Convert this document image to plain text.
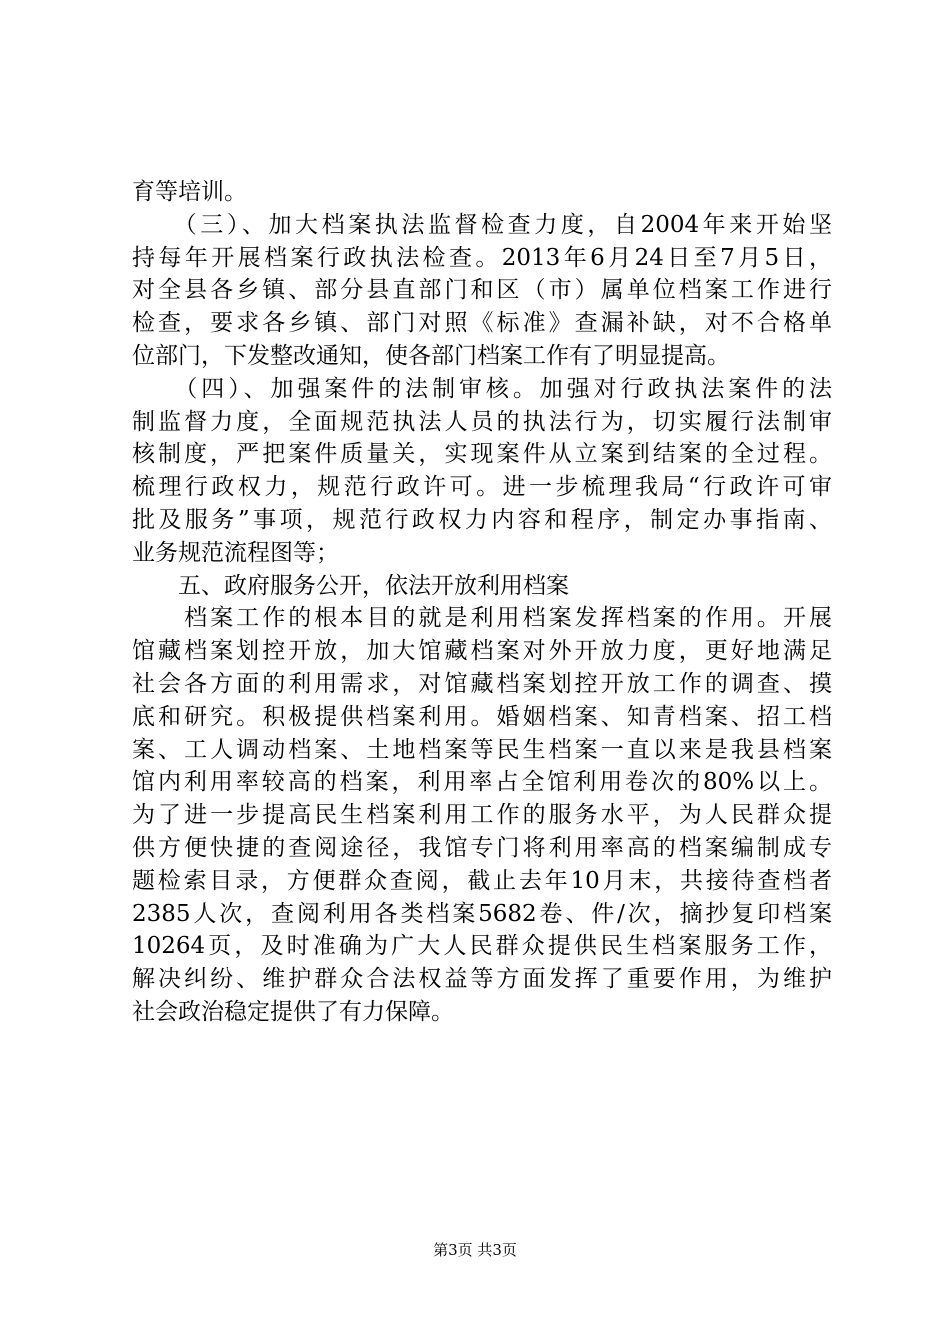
育等培训。
　　（三）、加大档案执法监督检查力度，自2004年来开始坚
持每年开展档案行政执法检查。2013年6月24日至7月5日，
对全县各乡镇、部分县直部门和区（市）属单位档案工作进行
检查，要求各乡镇、部门对照《标准》查漏补缺，对不合格单
位部门，下发整改通知，使各部门档案工作有了明显提高。
　　（四）、加强案件的法制审核。加强对行政执法案件的法
制监督力度，全面规范执法人员的执法行为，切实履行法制审
核制度，严把案件质量关，实现案件从立案到结案的全过程。
梳理行政权力，规范行政许可。进一步梳理我局“行政许可审
批及服务”事项，规范行政权力内容和程序，制定办事指南、
业务规范流程图等；
　　五、政府服务公开，依法开放利用档案
　　档案工作的根本目的就是利用档案发挥档案的作用。开展
馆藏档案划控开放，加大馆藏档案对外开放力度，更好地满足
社会各方面的利用需求，对馆藏档案划控开放工作的调查、摸
底和研究。积极提供档案利用。婚姻档案、知青档案、招工档
案、工人调动档案、土地档案等民生档案一直以来是我县档案
馆内利用率较高的档案，利用率占全馆利用卷次的80%以上。
为了进一步提高民生档案利用工作的服务水平，为人民群众提
供方便快捷的查阅途径，我馆专门将利用率高的档案编制成专
题检索目录，方便群众查阅，截止去年10月末，共接待查档者
2385人次，查阅利用各类档案5682卷、件/次，摘抄复印档案
10264页，及时准确为广大人民群众提供民生档案服务工作，
解决纠纷、维护群众合法权益等方面发挥了重要作用，为维护
社会政治稳定提供了有力保障。
第3页 共3页
